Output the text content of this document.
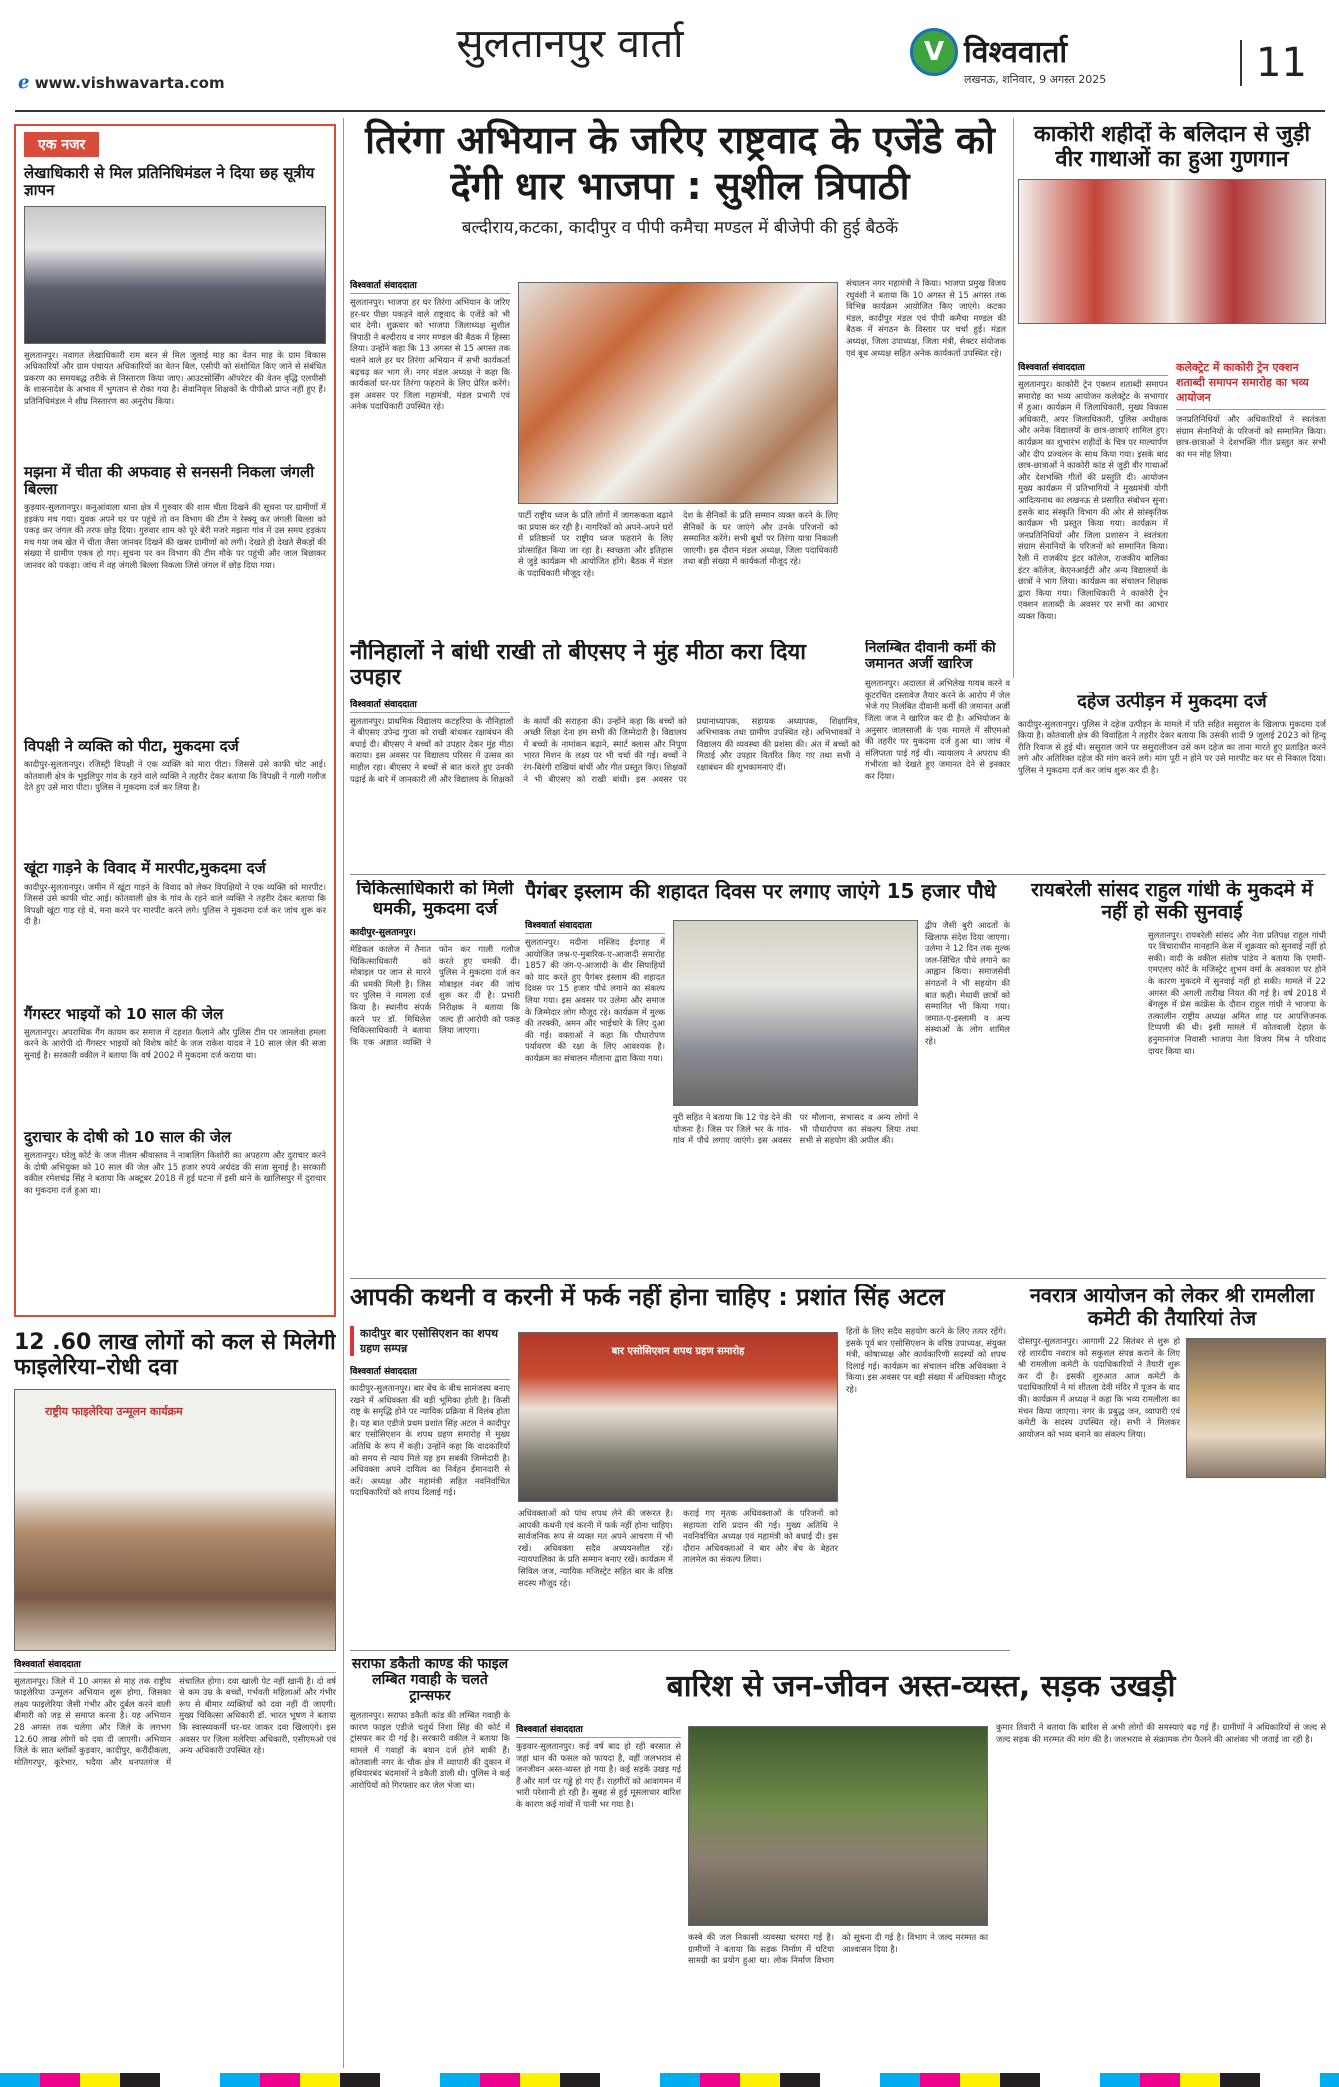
सुलतानपुर वार्ता
ℯ www.vishwavarta.com
V विश्ववार्ता
लखनऊ, शनिवार, 9 अगस्त 2025	11
एक नजर
लेखाधिकारी से मिल प्रतिनिधिमंडल ने दिया छह सूत्रीय ज्ञापन
सुलतानपुर। नवागत लेखाधिकारी राम बरन से मिल जुलाई माह का वेतन माह के ग्राम विकास अधिकारियों और ग्राम पंचायत अधिकारियों का वेतन बिल, एसीपी को संशोधित किए जाने से संबंधित प्रकरण का समयबद्ध तरीके से निस्तारण किया जाए। आउटसोर्सिंग ऑपरेटर की वेतन वृद्धि एलपीसी के शासनादेश के अभाव में भुगतान से रोका गया है। सेवानिवृत्त शिक्षकों के पीपीओ प्राप्त नहीं हुए हैं। प्रतिनिधिमंडल ने शीघ्र निस्तारण का अनुरोध किया।
मझना में चीता की अफवाह से सनसनी निकला जंगली बिल्ला
कुड़वार-सुलतानपुर। कनुआंवाला थाना क्षेत्र में गुरुवार की शाम चीता दिखने की सूचना पर ग्रामीणों में हड़कंप मच गया। युवक अपने घर पर पहुंचे तो वन विभाग की टीम ने रेस्क्यू कर जंगली बिल्ला को पकड़ कर जंगल की तरफ छोड़ दिया। गुरुवार शाम को पूरे बेरी मजरे मझना गांव में उस समय हड़कंप मच गया जब खेत में चीता जैसा जानवर दिखने की खबर ग्रामीणों को लगी। देखते ही देखते सैकड़ों की संख्या में ग्रामीण एकत्र हो गए। सूचना पर वन विभाग की टीम मौके पर पहुंची और जाल बिछाकर जानवर को पकड़ा। जांच में वह जंगली बिल्ला निकला जिसे जंगल में छोड़ दिया गया।
विपक्षी ने व्यक्ति को पीटा, मुकदमा दर्ज
कादीपुर-सुलतानपुर। रजिस्ट्री विपक्षी ने एक व्यक्ति को मारा पीटा। जिससे उसे काफी चोट आई। कोतवाली क्षेत्र के भुइलिपुर गांव के रहने वाले व्यक्ति ने तहरीर देकर बताया कि विपक्षी ने गाली गलौज देते हुए उसे मारा पीटा। पुलिस ने मुकदमा दर्ज कर लिया है।
खूंटा गाड़ने के विवाद में मारपीट,मुकदमा दर्ज
कादीपुर-सुलतानपुर। जमीन में खूंटा गाड़ने के विवाद को लेकर विपक्षियों ने एक व्यक्ति को मारपीट। जिससे उसे काफी चोट आई। कोतवाली क्षेत्र के गांव के रहने वाले व्यक्ति ने तहरीर देकर बताया कि विपक्षी खूंटा गाड़ रहे थे, मना करने पर मारपीट करने लगे। पुलिस ने मुकदमा दर्ज कर जांच शुरू कर दी है।
गैंगस्टर भाइयों को 10 साल की जेल
सुलतानपुर। अपराधिक गैंग कायम कर समाज में दहशत फैलाने और पुलिस टीम पर जानलेवा हमला करने के आरोपी दो गैंगस्टर भाइयों को विशेष कोर्ट के जज राकेश यादव ने 10 साल जेल की सजा सुनाई है। सरकारी वकील ने बताया कि वर्ष 2002 में मुकदमा दर्ज कराया था।
दुराचार के दोषी को 10 साल की जेल
सुलतानपुर। घरेलू कोर्ट के जज नीलम श्रीवास्तव ने नाबालिग किशोरी का अपहरण और दुराचार करने के दोषी अभियुक्त को 10 साल की जेल और 15 हजार रुपये अर्थदंड की सजा सुनाई है। सरकारी वकील रमेशचंद्र सिंह ने बताया कि अक्टूबर 2018 में हुई घटना में इसी थाने के खालिसपुर में दुराचार का मुकदमा दर्ज हुआ था।
12 .60 लाख लोगों को कल से मिलेगी फाइलेरिया–रोधी दवा
राष्ट्रीय फाइलेरिया उन्मूलन कार्यक्रम
विश्ववार्ता संवाददाता
सुलतानपुर। जिले में 10 अगस्त से माह तक राष्ट्रीय फाइलेरिया उन्मूलन अभियान शुरू होगा, जिसका लक्ष्य फाइलेरिया जैसी गंभीर और दुर्बल करने वाली बीमारी को जड़ से समाप्त करना है। यह अभियान 28 अगस्त तक चलेगा और जिले के लगभग 12.60 लाख लोगों को दवा दी जाएगी। अभियान जिले के सात ब्लॉकों कुड़वार, कादीपुर, करौंदीकला, मोतिगरपुर, कूरेभार, भदैया और धनपतगंज में संचालित होगा। दवा खाली पेट नहीं खानी है। दो वर्ष से कम उम्र के बच्चों, गर्भवती महिलाओं और गंभीर रूप से बीमार व्यक्तियों को दवा नहीं दी जाएगी। मुख्य चिकित्सा अधिकारी डॉ. भारत भूषण ने बताया कि स्वास्थ्यकर्मी घर-घर जाकर दवा खिलाएंगे। इस अवसर पर जिला मलेरिया अधिकारी, एसीएमओ एवं अन्य अधिकारी उपस्थित रहे।
तिरंगा अभियान के जरिए राष्ट्रवाद के एजेंडे को देंगी धार भाजपा : सुशील त्रिपाठी
बल्दीराय,कटका, कादीपुर व पीपी कमैचा मण्डल में बीजेपी की हुई बैठकें
विश्ववार्ता संवाददाता
सुलतानपुर। भाजपा हर घर तिरंगा अभियान के जरिए हर-घर पीछा पकड़ने वाले राष्ट्रवाद के एजेंडे को भी धार देगी। शुक्रवार को भाजपा जिलाध्यक्ष सुशील त्रिपाठी ने बल्दीराय व नगर मण्डल की बैठक में हिस्सा लिया। उन्होंने कहा कि 13 अगस्त से 15 अगस्त तक चलने वाले हर घर तिरंगा अभियान में सभी कार्यकर्ता बढ़चढ़ कर भाग लें। नगर मंडल अध्यक्ष ने कहा कि कार्यकर्ता घर-घर तिरंगा फहराने के लिए प्रेरित करेंगे। इस अवसर पर जिला महामंत्री, मंडल प्रभारी एवं अनेक पदाधिकारी उपस्थित रहे।
पार्टी राष्ट्रीय ध्वज के प्रति लोगों में जागरूकता बढ़ाने का प्रयास कर रही है। नागरिकों को अपने-अपने घरों में प्रतिष्ठानों पर राष्ट्रीय ध्वज फहराने के लिए प्रोत्साहित किया जा रहा है। स्वच्छता और इतिहास से जुड़े कार्यक्रम भी आयोजित होंगे। बैठक में मंडल के पदाधिकारी मौजूद रहे।
देश के सैनिकों के प्रति सम्मान व्यक्त करने के लिए सैनिकों के घर जाएंगे और उनके परिजनों को सम्मानित करेंगे। सभी बूथों पर तिरंगा यात्रा निकाली जाएगी। इस दौरान मंडल अध्यक्ष, जिला पदाधिकारी तथा बड़ी संख्या में कार्यकर्ता मौजूद रहे।
संचालन नगर महामंत्री ने किया। भाजपा प्रमुख विजय रघुवंशी ने बताया कि 10 अगस्त से 15 अगस्त तक विभिन्न कार्यक्रम आयोजित किए जाएंगे। कटका मंडल, कादीपुर मंडल एवं पीपी कमैचा मण्डल की बैठक में संगठन के विस्तार पर चर्चा हुई। मंडल अध्यक्ष, जिला उपाध्यक्ष, जिला मंत्री, सेक्टर संयोजक एवं बूथ अध्यक्ष सहित अनेक कार्यकर्ता उपस्थित रहे।
काकोरी शहीदों के बलिदान से जुड़ी वीर गाथाओं का हुआ गुणगान
विश्ववार्ता संवाददाता
सुलतानपुर। काकोरी ट्रेन एक्शन शताब्दी समापन समारोह का भव्य आयोजन कलेक्ट्रेट के सभागार में हुआ। कार्यक्रम में जिलाधिकारी, मुख्य विकास अधिकारी, अपर जिलाधिकारी, पुलिस अधीक्षक और अनेक विद्यालयों के छात्र-छात्राएं शामिल हुए। कार्यक्रम का शुभारंभ शहीदों के चित्र पर माल्यार्पण और दीप प्रज्वलन के साथ किया गया। इसके बाद छात्र-छात्राओं ने काकोरी कांड से जुड़ी वीर गाथाओं और देशभक्ति गीतों की प्रस्तुति दी। आयोजन मुख्य कार्यक्रम में प्रतिभागियों ने मुख्यमंत्री योगी आदित्यनाथ का लखनऊ से प्रसारित संबोधन सुना। इसके बाद संस्कृति विभाग की ओर से सांस्कृतिक कार्यक्रम भी प्रस्तुत किया गया। कार्यक्रम में जनप्रतिनिधियों और जिला प्रशासन ने स्वतंत्रता संग्राम सेनानियों के परिजनों को सम्मानित किया। रैली में राजकीय इंटर कॉलेज, राजकीय बालिका इंटर कॉलेज, केएनआईटी और अन्य विद्यालयों के छात्रों ने भाग लिया। कार्यक्रम का संचालन शिक्षक द्वारा किया गया। जिलाधिकारी ने काकोरी ट्रेन एक्शन शताब्दी के अवसर पर सभी का आभार व्यक्त किया।
कलेक्ट्रेट में काकोरी ट्रेन एक्शन शताब्दी समापन समारोह का भव्य आयोजन
जनप्रतिनिधियों और अधिकारियों ने स्वतंत्रता संग्राम सेनानियों के परिजनों को सम्मानित किया। छात्र-छात्राओं ने देशभक्ति गीत प्रस्तुत कर सभी का मन मोह लिया।
नौनिहालों ने बांधी राखी तो बीएसए ने मुंह मीठा करा दिया उपहार
विश्ववार्ता संवाददाता
सुलतानपुर। प्राथमिक विद्यालय कटहरिया के नौनिहालों ने बीएसए उपेन्द्र गुप्ता को राखी बांधकर रक्षाबंधन की बधाई दी। बीएसए ने बच्चों को उपहार देकर मुंह मीठा कराया। इस अवसर पर विद्यालय परिसर में उत्सव का माहौल रहा। बीएसए ने बच्चों से बात करते हुए उनकी पढ़ाई के बारे में जानकारी ली और विद्यालय के शिक्षकों के कार्यों की सराहना की। उन्होंने कहा कि बच्चों को अच्छी शिक्षा देना हम सभी की जिम्मेदारी है। विद्यालय में बच्चों के नामांकन बढ़ाने, स्मार्ट क्लास और निपुण भारत मिशन के लक्ष्य पर भी चर्चा की गई। बच्चों ने रंग-बिरंगी राखियां बांधीं और गीत प्रस्तुत किए। शिक्षकों ने भी बीएसए को राखी बांधी। इस अवसर पर प्रधानाध्यापक, सहायक अध्यापक, शिक्षामित्र, अभिभावक तथा ग्रामीण उपस्थित रहे। अभिभावकों ने विद्यालय की व्यवस्था की प्रशंसा की। अंत में बच्चों को मिठाई और उपहार वितरित किए गए तथा सभी ने रक्षाबंधन की शुभकामनाएं दीं।
निलम्बित दीवानी कर्मी की जमानत अर्जी खारिज
सुलतानपुर। अदालत से अभिलेख गायब करने व कूटरचित दस्तावेज तैयार करने के आरोप में जेल भेजे गए निलंबित दीवानी कर्मी की जमानत अर्जी जिला जज ने खारिज कर दी है। अभियोजन के अनुसार जालसाजी के एक मामले में सीएमओ की तहरीर पर मुकदमा दर्ज हुआ था। जांच में संलिप्तता पाई गई थी। न्यायालय ने अपराध की गंभीरता को देखते हुए जमानत देने से इनकार कर दिया।
दहेज उत्पीड़न में मुकदमा दर्ज
कादीपुर-सुलतानपुर। पुलिस ने दहेज उत्पीड़न के मामले में पति सहित ससुराल के खिलाफ मुकदमा दर्ज किया है। कोतवाली क्षेत्र की विवाहिता ने तहरीर देकर बताया कि उसकी शादी 9 जुलाई 2023 को हिन्दू रीति रिवाज से हुई थी। ससुराल जाने पर ससुरालीजन उसे कम दहेज का ताना मारते हुए प्रताड़ित करने लगे और अतिरिक्त दहेज की मांग करने लगे। मांग पूरी न होने पर उसे मारपीट कर घर से निकाल दिया। पुलिस ने मुकदमा दर्ज कर जांच शुरू कर दी है।
चिकित्साधिकारी को मिली धमकी, मुकदमा दर्ज
कादीपुर-सुलतानपुर।
मेडिकल कालेज में तैनात चिकित्साधिकारी को मोबाइल पर जान से मारने की धमकी मिली है। जिस पर पुलिस ने मामला दर्ज किया है। स्थानीय संपर्क करने पर डॉ. मिथिलेश चिकित्साधिकारी ने बताया कि एक अज्ञात व्यक्ति ने फोन कर गाली गलौज करते हुए धमकी दी। पुलिस ने मुकदमा दर्ज कर मोबाइल नंबर की जांच शुरू कर दी है। प्रभारी निरीक्षक ने बताया कि जल्द ही आरोपी को पकड़ लिया जाएगा।
पैगंबर इस्लाम की शहादत दिवस पर लगाए जाएंगे 15 हजार पौधे
विश्ववार्ता संवाददाता
सुलतानपुर। मदीना मस्जिद ईदगाह में आयोजित जश्न-ए-मुबारिक-ए-आजादी समारोह 1857 की जंग-ए-आजादी के वीर सिपाहियों को याद करते हुए पैगंबर इस्लाम की शहादत दिवस पर 15 हजार पौधे लगाने का संकल्प लिया गया। इस अवसर पर उलेमा और समाज के जिम्मेदार लोग मौजूद रहे। कार्यक्रम में मुल्क की तरक्की, अमन और भाईचारे के लिए दुआ की गई। वक्ताओं ने कहा कि पौधारोपण पर्यावरण की रक्षा के लिए आवश्यक है। कार्यक्रम का संचालन मौलाना द्वारा किया गया।
नूरी सहित ने बताया कि 12 पेड़ देने की योजना है। जिस पर जिले भर के गांव-गांव में पौधे लगाए जाएंगे। इस अवसर पर मौलाना, सभासद व अन्य लोगों ने भी पौधारोपण का संकल्प लिया तथा सभी से सहयोग की अपील की।
द्वीप जैसी बुरी आदतों के खिलाफ संदेश दिया जाएगा। उलेमा ने 12 दिन तक मुल्क जल-सिंचित पौधे लगाने का आह्वान किया। समाजसेवी संगठनों ने भी सहयोग की बात कही। मेधावी छात्रों को सम्मानित भी किया गया। जमात-ए-इस्लामी व अन्य संस्थाओं के लोग शामिल रहे।
रायबरेली सांसद राहुल गांधी के मुकदमे में नहीं हो सकी सुनवाई
सुलतानपुर। रायबरेली सांसद और नेता प्रतिपक्ष राहुल गांधी पर विचाराधीन मानहानि केस में शुक्रवार को सुनवाई नहीं हो सकी। वादी के वकील संतोष पांडेय ने बताया कि एमपी-एमएलए कोर्ट के मजिस्ट्रेट शुभम वर्मा के अवकाश पर होने के कारण मुकदमे में सुनवाई नहीं हो सकी। मामले में 22 अगस्त की अगली तारीख नियत की गई है। वर्ष 2018 में बेंगलुरु में प्रेस कांफ्रेंस के दौरान राहुल गांधी ने भाजपा के तत्कालीन राष्ट्रीय अध्यक्ष अमित शाह पर आपत्तिजनक टिप्पणी की थी। इसी मामले में कोतवाली देहात के हनुमानगंज निवासी भाजपा नेता विजय मिश्र ने परिवाद दायर किया था।
आपकी कथनी व करनी में फर्क नहीं होना चाहिए : प्रशांत सिंह अटल
कादीपुर बार एसोसिएशन का शपथ ग्रहण सम्पन्न
विश्ववार्ता संवाददाता
कादीपुर-सुलतानपुर। बार बेंच के बीच सामंजस्य बनाए रखने में अधिवक्ता की बड़ी भूमिका होती है। किसी राष्ट्र के समृद्धि होने पर न्यायिक प्रक्रिया में विलंब होता है। यह बात एडीजे प्रथम प्रशांत सिंह अटल ने कादीपुर बार एसोसिएशन के शपथ ग्रहण समारोह में मुख्य अतिथि के रूप में कही। उन्होंने कहा कि वादकारियों को समय से न्याय मिले यह हम सबकी जिम्मेदारी है। अधिवक्ता अपने दायित्व का निर्वहन ईमानदारी से करें। अध्यक्ष और महामंत्री सहित नवनिर्वाचित पदाधिकारियों को शपथ दिलाई गई।
बार एसोसिएशन शपथ ग्रहण समारोह
अधिवक्ताओं को पांच शपथ लेने की जरूरत है। आपकी कथनी एवं करनी में फर्क नहीं होना चाहिए। सार्वजनिक रूप से व्यक्त मत अपने आचरण में भी रखें। अधिवक्ता सदैव अध्ययनशील रहें। न्यायपालिका के प्रति सम्मान बनाए रखें। कार्यक्रम में सिविल जज, न्यायिक मजिस्ट्रेट सहित बार के वरिष्ठ सदस्य मौजूद रहे।
कराई गए मृतक अधिवक्ताओं के परिजनों को सहायता राशि प्रदान की गई। मुख्य अतिथि ने नवनिर्वाचित अध्यक्ष एवं महामंत्री को बधाई दी। इस दौरान अधिवक्ताओं ने बार और बेंच के बेहतर तालमेल का संकल्प लिया।
हितों के लिए सदैव सहयोग करने के लिए तत्पर रहेंगे। इसके पूर्व बार एसोसिएशन के वरिष्ठ उपाध्यक्ष, संयुक्त मंत्री, कोषाध्यक्ष और कार्यकारिणी सदस्यों को शपथ दिलाई गई। कार्यक्रम का संचालन वरिष्ठ अधिवक्ता ने किया। इस अवसर पर बड़ी संख्या में अधिवक्ता मौजूद रहे।
नवरात्र आयोजन को लेकर श्री रामलीला कमेटी की तैयारियां तेज
दोस्तपुर-सुलतानपुर। आगामी 22 सितंबर से शुरू हो रहे शारदीय नवरात्र को सकुशल संपन्न कराने के लिए श्री रामलीला कमेटी के पदाधिकारियों ने तैयारी शुरू कर दी है। इसकी शुरुआत आज कमेटी के पदाधिकारियों ने मां शीतला देवी मंदिर में पूजन के बाद की। कार्यक्रम में अध्यक्ष ने कहा कि भव्य रामलीला का मंचन किया जाएगा। नगर के प्रबुद्ध जन, व्यापारी एवं कमेटी के सदस्य उपस्थित रहे। सभी ने मिलकर आयोजन को भव्य बनाने का संकल्प लिया।
सराफा डकैती काण्ड की फाइल लम्बित गवाही के चलते ट्रान्सफर
सुलतानपुर। सराफा डकैती कांड की लम्बित गवाही के कारण फाइल एडीजे चतुर्थ निशा सिंह की कोर्ट में ट्रांसफर कर दी गई है। सरकारी वकील ने बताया कि मामले में गवाहों के बयान दर्ज होने बाकी हैं। कोतवाली नगर के चौक क्षेत्र में व्यापारी की दुकान में हथियारबंद बदमाशों ने डकैती डाली थी। पुलिस ने कई आरोपियों को गिरफ्तार कर जेल भेजा था।
बारिश से जन-जीवन अस्त-व्यस्त, सड़क उखड़ी
विश्ववार्ता संवाददाता
कुड़वार-सुलतानपुर। कई वर्ष बाद हो रही बरसात से जहां धान की फसल को फायदा है, वहीं जलभराव से जनजीवन अस्त-व्यस्त हो गया है। कई सड़कें उखड़ गई हैं और मार्ग पर गड्ढे हो गए हैं। राहगीरों को आवागमन में भारी परेशानी हो रही है। सुबह से हुई मूसलाधार बारिश के कारण कई गांवों में पानी भर गया है।
कस्बे की जल निकासी व्यवस्था चरमरा गई है। ग्रामीणों ने बताया कि सड़क निर्माण में घटिया सामग्री का प्रयोग हुआ था। लोक निर्माण विभाग को सूचना दी गई है। विभाग ने जल्द मरम्मत का आश्वासन दिया है।
कुमार तिवारी ने बताया कि बारिश से अभी लोगों की समस्याएं बढ़ गई हैं। ग्रामीणों ने अधिकारियों से जल्द से जल्द सड़क की मरम्मत की मांग की है। जलभराव से संक्रामक रोग फैलने की आशंका भी जताई जा रही है।
